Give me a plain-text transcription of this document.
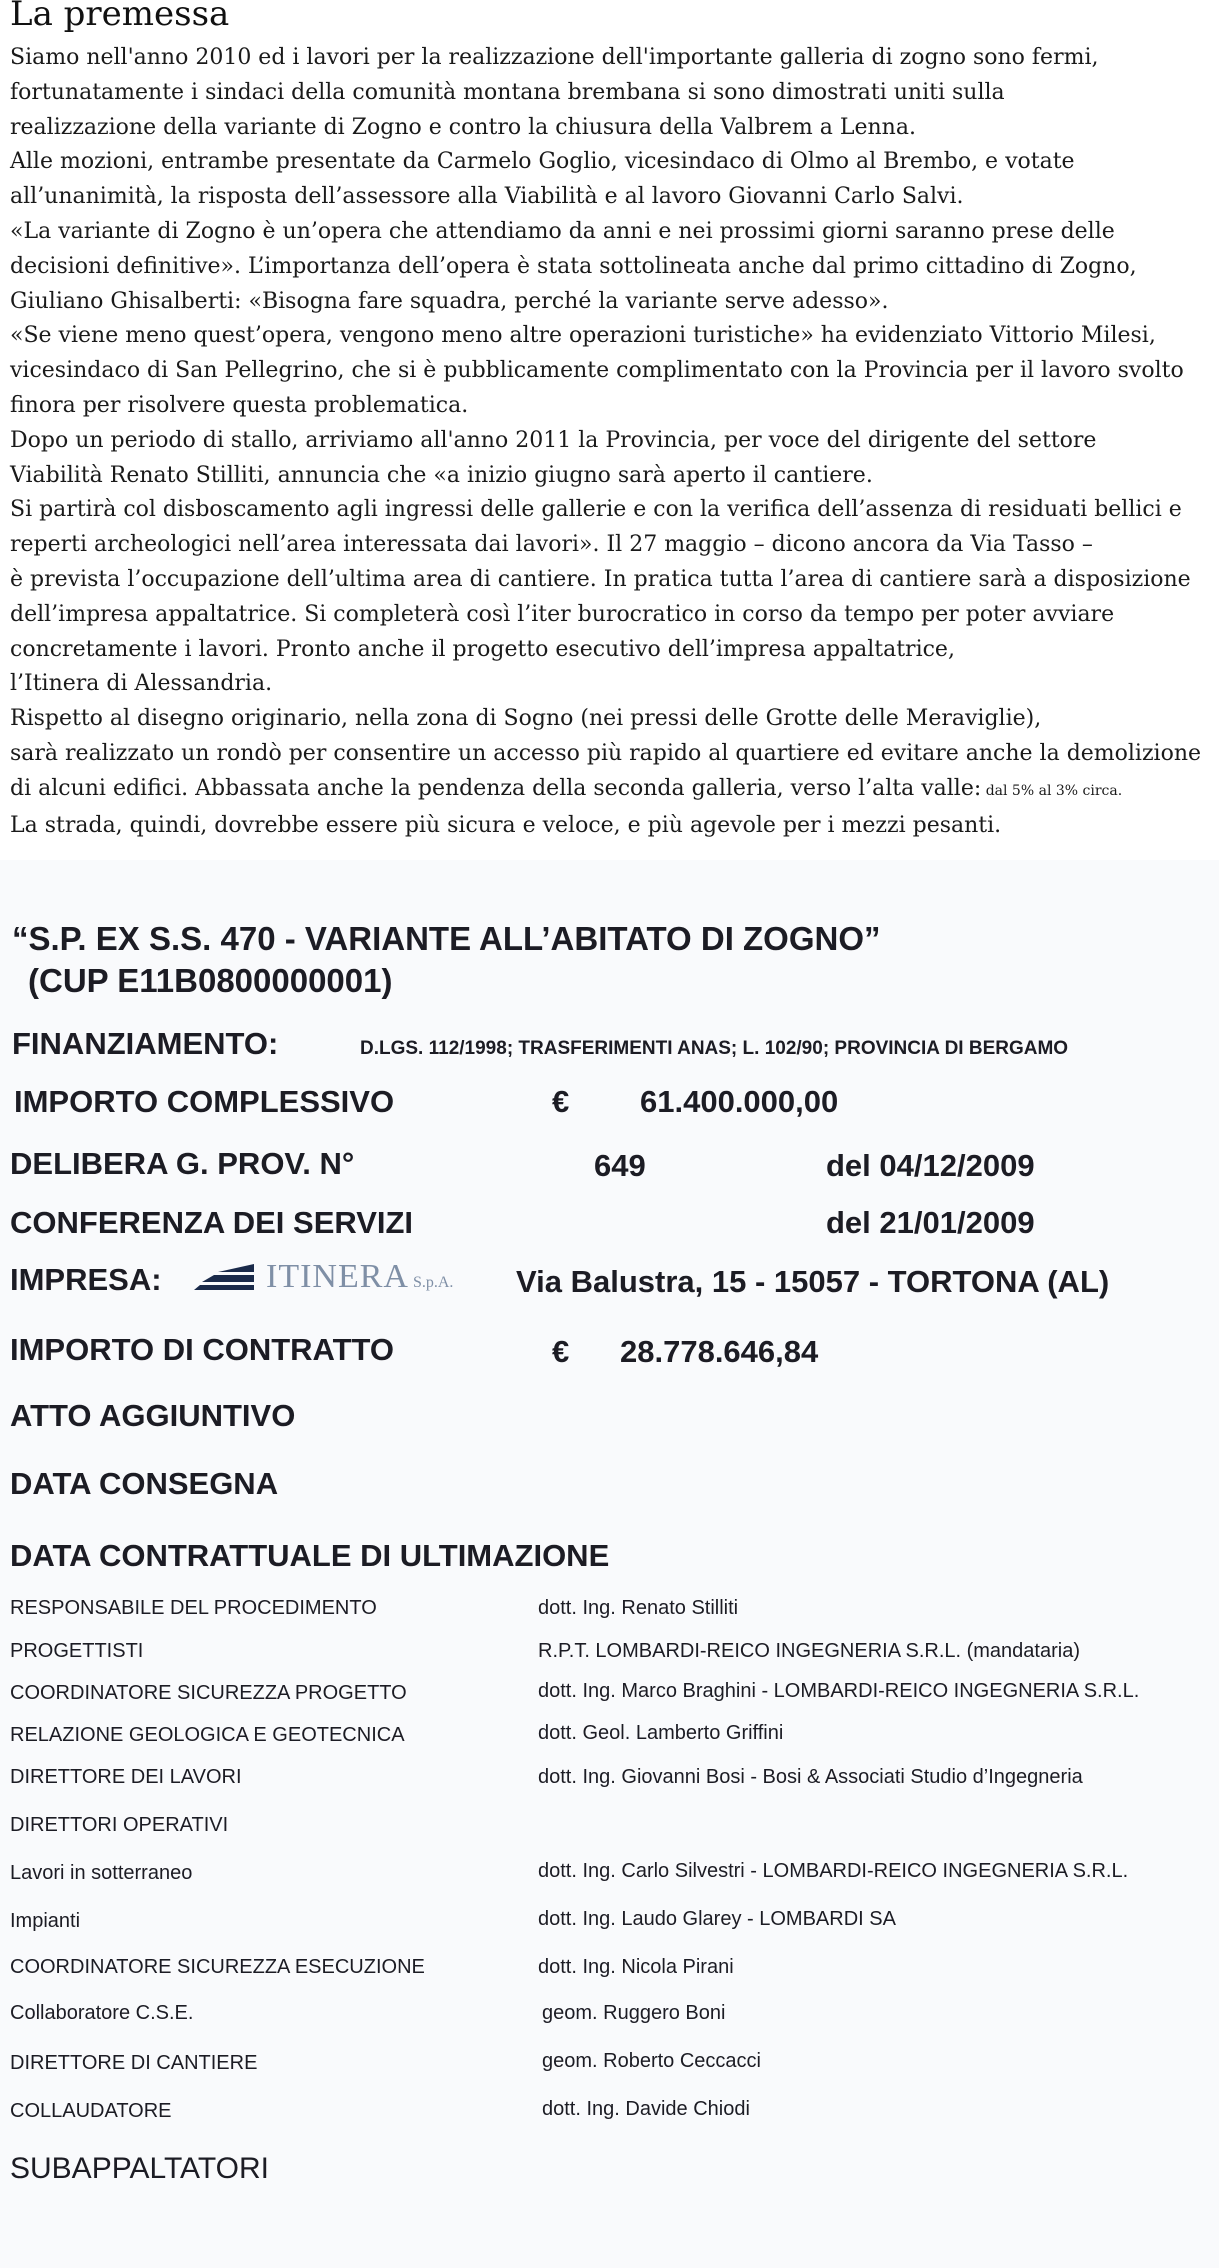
La premessa
Siamo nell'anno 2010 ed i lavori per la realizzazione dell'importante galleria di zogno sono fermi,
fortunatamente i sindaci della comunità montana brembana si sono dimostrati uniti sulla
realizzazione della variante di Zogno e contro la chiusura della Valbrem a Lenna.
Alle mozioni, entrambe presentate da Carmelo Goglio, vicesindaco di Olmo al Brembo, e votate
all’unanimità, la risposta dell’assessore alla Viabilità e al lavoro Giovanni Carlo Salvi.
«La variante di Zogno è un’opera che attendiamo da anni e nei prossimi giorni saranno prese delle
decisioni definitive». L’importanza dell’opera è stata sottolineata anche dal primo cittadino di Zogno,
Giuliano Ghisalberti: «Bisogna fare squadra, perché la variante serve adesso».
«Se viene meno quest’opera, vengono meno altre operazioni turistiche» ha evidenziato Vittorio Milesi,
vicesindaco di San Pellegrino, che si è pubblicamente complimentato con la Provincia per il lavoro svolto
finora per risolvere questa problematica.
Dopo un periodo di stallo, arriviamo all'anno 2011 la Provincia, per voce del dirigente del settore
Viabilità Renato Stilliti, annuncia che «a inizio giugno sarà aperto il cantiere.
Si partirà col disboscamento agli ingressi delle gallerie e con la verifica dell’assenza di residuati bellici e
reperti archeologici nell’area interessata dai lavori». Il 27 maggio – dicono ancora da Via Tasso –
è prevista l’occupazione dell’ultima area di cantiere. In pratica tutta l’area di cantiere sarà a disposizione
dell’impresa appaltatrice. Si completerà così l’iter burocratico in corso da tempo per poter avviare
concretamente i lavori. Pronto anche il progetto esecutivo dell’impresa appaltatrice,
l’Itinera di Alessandria.
Rispetto al disegno originario, nella zona di Sogno (nei pressi delle Grotte delle Meraviglie),
sarà realizzato un rondò per consentire un accesso più rapido al quartiere ed evitare anche la demolizione
di alcuni edifici. Abbassata anche la pendenza della seconda galleria, verso l’alta valle: dal 5% al 3% circa.
La strada, quindi, dovrebbe essere più sicura e veloce, e più agevole per i mezzi pesanti.
“S.P. EX S.S. 470 - VARIANTE ALL’ABITATO DI ZOGNO”
(CUP E11B0800000001)
FINANZIAMENTO:	D.LGS. 112/1998; TRASFERIMENTI ANAS; L. 102/90; PROVINCIA DI BERGAMO
IMPORTO COMPLESSIVO	€ 61.400.000,00
DELIBERA G. PROV. N°	649	del 04/12/2009
CONFERENZA DEI SERVIZI	del 21/01/2009
IMPRESA:	ITINERA S.p.A. Via Balustra, 15 - 15057 - TORTONA (AL)
IMPORTO DI CONTRATTO	€ 28.778.646,84
ATTO AGGIUNTIVO
DATA CONSEGNA
DATA CONTRATTUALE DI ULTIMAZIONE
RESPONSABILE DEL PROCEDIMENTO	dott. Ing. Renato Stilliti
PROGETTISTI	R.P.T. LOMBARDI-REICO INGEGNERIA S.R.L. (mandataria)
COORDINATORE SICUREZZA PROGETTO	dott. Ing. Marco Braghini - LOMBARDI-REICO INGEGNERIA S.R.L.
RELAZIONE GEOLOGICA E GEOTECNICA	dott. Geol. Lamberto Griffini
DIRETTORE DEI LAVORI	dott. Ing. Giovanni Bosi - Bosi & Associati Studio d’Ingegneria
DIRETTORI OPERATIVI
Lavori in sotterraneo	dott. Ing. Carlo Silvestri - LOMBARDI-REICO INGEGNERIA S.R.L.
Impianti	dott. Ing. Laudo Glarey - LOMBARDI SA
COORDINATORE SICUREZZA ESECUZIONE	dott. Ing. Nicola Pirani
Collaboratore C.S.E.	geom. Ruggero Boni
DIRETTORE DI CANTIERE	geom. Roberto Ceccacci
COLLAUDATORE	dott. Ing. Davide Chiodi
SUBAPPALTATORI
